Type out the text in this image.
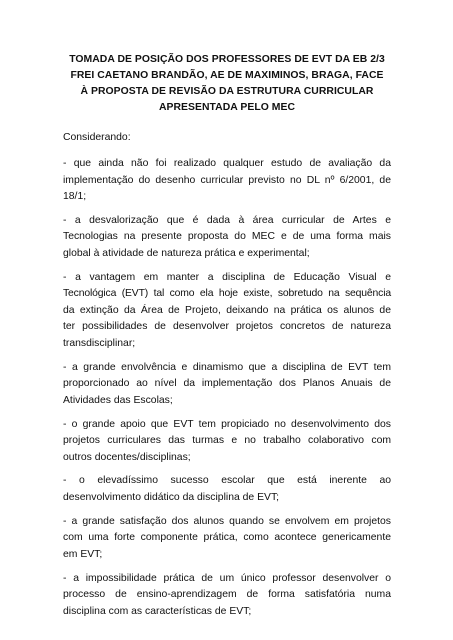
TOMADA DE POSIÇÃO DOS PROFESSORES DE EVT DA EB 2/3
FREI CAETANO BRANDÃO, AE DE MAXIMINOS, BRAGA, FACE
À PROPOSTA DE REVISÃO DA ESTRUTURA CURRICULAR
APRESENTADA PELO MEC

Considerando:

- que ainda não foi realizado qualquer estudo de avaliação da
implementação do desenho curricular previsto no DL nº 6/2001, de
18/1;
- a desvalorização que é dada à área curricular de Artes e
Tecnologias na presente proposta do MEC e de uma forma mais
global à atividade de natureza prática e experimental;
- a vantagem em manter a disciplina de Educação Visual e
Tecnológica (EVT) tal como ela hoje existe, sobretudo na sequência
da extinção da Área de Projeto, deixando na prática os alunos de
ter possibilidades de desenvolver projetos concretos de natureza
transdisciplinar;
- a grande envolvência e dinamismo que a disciplina de EVT tem
proporcionado ao nível da implementação dos Planos Anuais de
Atividades das Escolas;
- o grande apoio que EVT tem propiciado no desenvolvimento dos
projetos curriculares das turmas e no trabalho colaborativo com
outros docentes/disciplinas;
- o elevadíssimo sucesso escolar que está inerente ao
desenvolvimento didático da disciplina de EVT;
- a grande satisfação dos alunos quando se envolvem em projetos
com uma forte componente prática, como acontece genericamente
em EVT;
- a impossibilidade prática de um único professor desenvolver o
processo de ensino-aprendizagem de forma satisfatória numa
disciplina com as características de EVT;
